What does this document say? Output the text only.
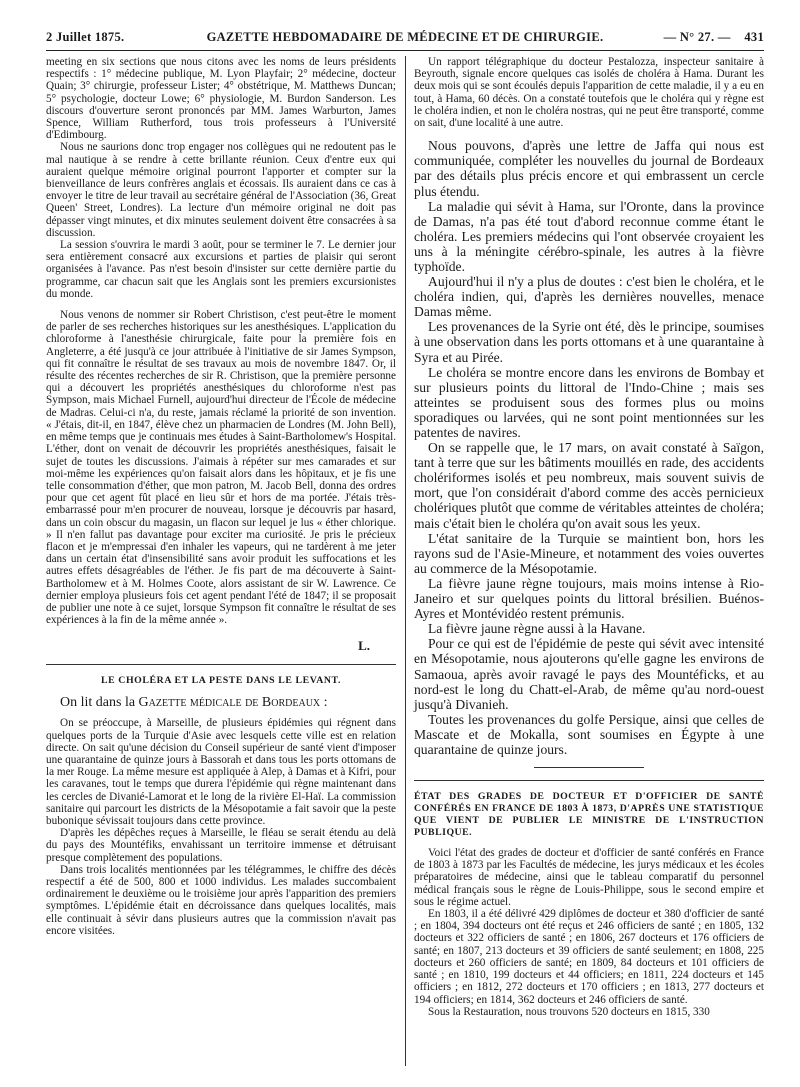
2 Juillet 1875.	GAZETTE HEBDOMADAIRE DE MÉDECINE ET DE CHIRURGIE.	— N° 27. — 431

meeting en six sections que nous citons avec les noms de leurs présidents respectifs : 1° médecine publique, M. Lyon Playfair; 2° médecine, docteur Quain; 3° chirurgie, professeur Lister; 4° obstétrique, M. Matthews Duncan; 5° psychologie, docteur Lowe; 6° physiologie, M. Burdon Sanderson. Les discours d'ouverture seront prononcés par MM. James Warburton, James Spence, William Rutherford, tous trois professeurs à l'Université d'Edimbourg.

Nous ne saurions donc trop engager nos collègues qui ne redoutent pas le mal nautique à se rendre à cette brillante réunion. Ceux d'entre eux qui auraient quelque mémoire original pourront l'apporter et compter sur la bienveillance de leurs confrères anglais et écossais. Ils auraient dans ce cas à envoyer le titre de leur travail au secrétaire général de l'Association (36, Great Queen' Street, Londres). La lecture d'un mémoire original ne doit pas dépasser vingt minutes, et dix minutes seulement doivent être consacrées à sa discussion.

La session s'ouvrira le mardi 3 août, pour se terminer le 7. Le dernier jour sera entièrement consacré aux excursions et parties de plaisir qui seront organisées à l'avance. Pas n'est besoin d'insister sur cette dernière partie du programme, car chacun sait que les Anglais sont les premiers excursionistes du monde.

Nous venons de nommer sir Robert Christison, c'est peut-être le moment de parler de ses recherches historiques sur les anesthésiques. L'application du chloroforme à l'anesthésie chirurgicale, faite pour la première fois en Angleterre, a été jusqu'à ce jour attribuée à l'initiative de sir James Sympson, qui fit connaître le résultat de ses travaux au mois de novembre 1847. Or, il résulte des récentes recherches de sir R. Christison, que la première personne qui a découvert les propriétés anesthésiques du chloroforme n'est pas Sympson, mais Michael Furnell, aujourd'hui directeur de l'École de médecine de Madras. Celui-ci n'a, du reste, jamais réclamé la priorité de son invention. « J'étais, dit-il, en 1847, élève chez un pharmacien de Londres (M. John Bell), en même temps que je continuais mes études à Saint-Bartholomew's Hospital. L'éther, dont on venait de découvrir les propriétés anesthésiques, faisait le sujet de toutes les discussions. J'aimais à répéter sur mes camarades et sur moi-même les expériences qu'on faisait alors dans les hôpitaux, et je fis une telle consommation d'éther, que mon patron, M. Jacob Bell, donna des ordres pour que cet agent fût placé en lieu sûr et hors de ma portée. J'étais très-embarrassé pour m'en procurer de nouveau, lorsque je découvris par hasard, dans un coin obscur du magasin, un flacon sur lequel je lus « éther chlorique. » Il n'en fallut pas davantage pour exciter ma curiosité. Je pris le précieux flacon et je m'empressai d'en inhaler les vapeurs, qui ne tardèrent à me jeter dans un certain état d'insensibilité sans avoir produit les suffocations et les autres effets désagréables de l'éther. Je fis part de ma découverte à Saint-Bartholomew et à M. Holmes Coote, alors assistant de sir W. Lawrence. Ce dernier employa plusieurs fois cet agent pendant l'été de 1847; il se proposait de publier une note à ce sujet, lorsque Sympson fit connaître le résultat de ses expériences à la fin de la même année ».

L.
LE CHOLÉRA ET LA PESTE DANS LE LEVANT.

On lit dans la Gazette médicale de Bordeaux :

On se préoccupe, à Marseille, de plusieurs épidémies qui régnent dans quelques ports de la Turquie d'Asie avec lesquels cette ville est en relation directe. On sait qu'une décision du Conseil supérieur de santé vient d'imposer une quarantaine de quinze jours à Bassorah et dans tous les ports ottomans de la mer Rouge. La même mesure est appliquée à Alep, à Damas et à Kifri, pour les caravanes, tout le temps que durera l'épidémie qui règne maintenant dans les cercles de Divanié-Lamorat et le long de la rivière El-Haï. La commission sanitaire qui parcourt les districts de la Mésopotamie a fait savoir que la peste bubonique sévissait toujours dans cette province.

D'après les dépêches reçues à Marseille, le fléau se serait étendu au delà du pays des Mountéfiks, envahissant un territoire immense et détruisant presque complètement des populations.

Dans trois localités mentionnées par les télégrammes, le chiffre des décès respectif a été de 500, 800 et 1000 individus. Les malades succombaient ordinairement le deuxième ou le troisième jour après l'apparition des premiers symptômes. L'épidémie était en décroissance dans quelques localités, mais elle continuait à sévir dans plusieurs autres que la commission n'avait pas encore visitées.

Un rapport télégraphique du docteur Pestalozza, inspecteur sanitaire à Beyrouth, signale encore quelques cas isolés de choléra à Hama. Durant les deux mois qui se sont écoulés depuis l'apparition de cette maladie, il y a eu en tout, à Hama, 60 décès. On a constaté toutefois que le choléra qui y règne est le choléra indien, et non le choléra nostras, qui ne peut être transporté, comme on sait, d'une localité à une autre.

Nous pouvons, d'après une lettre de Jaffa qui nous est communiquée, compléter les nouvelles du journal de Bordeaux par des détails plus précis encore et qui embrassent un cercle plus étendu.

La maladie qui sévit à Hama, sur l'Oronte, dans la province de Damas, n'a pas été tout d'abord reconnue comme étant le choléra. Les premiers médecins qui l'ont observée croyaient les uns à la méningite cérébro-spinale, les autres à la fièvre typhoïde.

Aujourd'hui il n'y a plus de doutes : c'est bien le choléra, et le choléra indien, qui, d'après les dernières nouvelles, menace Damas même.

Les provenances de la Syrie ont été, dès le principe, soumises à une observation dans les ports ottomans et à une quarantaine à Syra et au Pirée.

Le choléra se montre encore dans les environs de Bombay et sur plusieurs points du littoral de l'Indo-Chine ; mais ses atteintes se produisent sous des formes plus ou moins sporadiques ou larvées, qui ne sont point mentionnées sur les patentes de navires.

On se rappelle que, le 17 mars, on avait constaté à Saïgon, tant à terre que sur les bâtiments mouillés en rade, des accidents cholériformes isolés et peu nombreux, mais souvent suivis de mort, que l'on considérait d'abord comme des accès pernicieux cholériques plutôt que comme de véritables atteintes de choléra; mais c'était bien le choléra qu'on avait sous les yeux.

L'état sanitaire de la Turquie se maintient bon, hors les rayons sud de l'Asie-Mineure, et notamment des voies ouvertes au commerce de la Mésopotamie.

La fièvre jaune règne toujours, mais moins intense à Rio-Janeiro et sur quelques points du littoral brésilien. Buénos-Ayres et Montévidéo restent prémunis.

La fièvre jaune règne aussi à la Havane.

Pour ce qui est de l'épidémie de peste qui sévit avec intensité en Mésopotamie, nous ajouterons qu'elle gagne les environs de Samaoua, après avoir ravagé le pays des Mountéficks, et au nord-est le long du Chatt-el-Arab, de même qu'au nord-ouest jusqu'à Divanieh.

Toutes les provenances du golfe Persique, ainsi que celles de Mascate et de Mokalla, sont soumises en Égypte à une quarantaine de quinze jours.

ÉTAT DES GRADES DE DOCTEUR ET D'OFFICIER DE SANTÉ CONFÉRÉS EN FRANCE DE 1803 À 1873, D'APRÈS UNE STATISTIQUE QUE VIENT DE PUBLIER LE MINISTRE DE L'INSTRUCTION PUBLIQUE.

Voici l'état des grades de docteur et d'officier de santé conférés en France de 1803 à 1873 par les Facultés de médecine, les jurys médicaux et les écoles préparatoires de médecine, ainsi que le tableau comparatif du personnel médical français sous le règne de Louis-Philippe, sous le second empire et sous le régime actuel.

En 1803, il a été délivré 429 diplômes de docteur et 380 d'officier de santé ; en 1804, 394 docteurs ont été reçus et 246 officiers de santé ; en 1805, 132 docteurs et 322 officiers de santé ; en 1806, 267 docteurs et 176 officiers de santé; en 1807, 213 docteurs et 39 officiers de santé seulement; en 1808, 225 docteurs et 260 officiers de santé; en 1809, 84 docteurs et 101 officiers de santé ; en 1810, 199 docteurs et 44 officiers; en 1811, 224 docteurs et 145 officiers ; en 1812, 272 docteurs et 170 officiers ; en 1813, 277 docteurs et 194 officiers; en 1814, 362 docteurs et 246 officiers de santé.

Sous la Restauration, nous trouvons 520 docteurs en 1815, 330
